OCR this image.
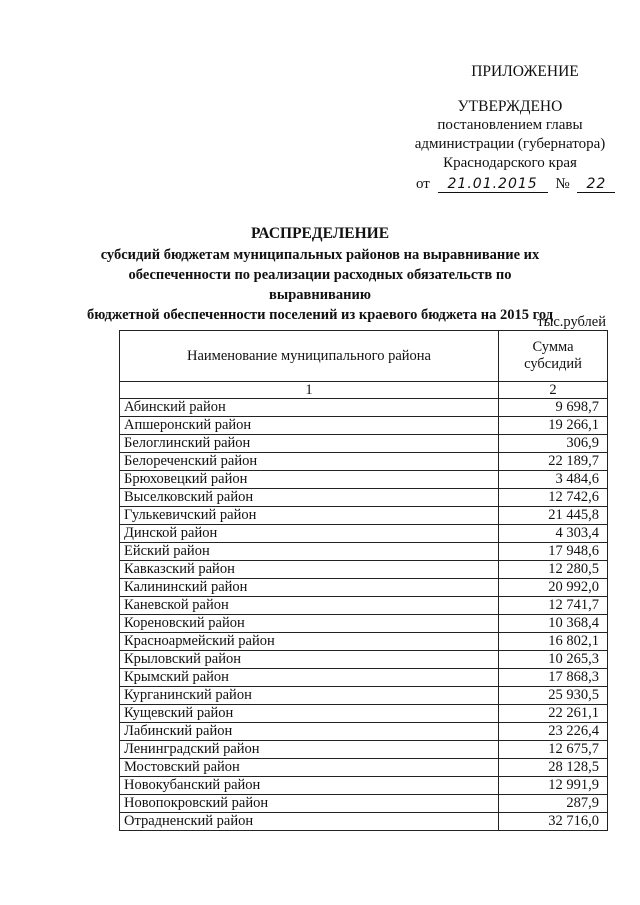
ПРИЛОЖЕНИЕ
УТВЕРЖДЕНО
постановлением главы
администрации (губернатора)
Краснодарского края
от 21.01.2015 № 22
РАСПРЕДЕЛЕНИЕ
субсидий бюджетам муниципальных районов на выравнивание их
обеспеченности по реализации расходных обязательств по выравниванию
бюджетной обеспеченности поселений из краевого бюджета на 2015 год
тыс.рублей
Наименование муниципального района	Сумма
субсидий

1	2
Абинский район	9 698,7
Апшеронский район	19 266,1
Белоглинский район	306,9
Белореченский район	22 189,7
Брюховецкий район	3 484,6
Выселковский район	12 742,6
Гулькевичский район	21 445,8
Динской район	4 303,4
Ейский район	17 948,6
Кавказский район	12 280,5
Калининский район	20 992,0
Каневской район	12 741,7
Кореновский район	10 368,4
Красноармейский район	16 802,1
Крыловский район	10 265,3
Крымский район	17 868,3
Курганинский район	25 930,5
Кущевский район	22 261,1
Лабинский район	23 226,4
Ленинградский район	12 675,7
Мостовский район	28 128,5
Новокубанский район	12 991,9
Новопокровский район	287,9
Отрадненский район	32 716,0
